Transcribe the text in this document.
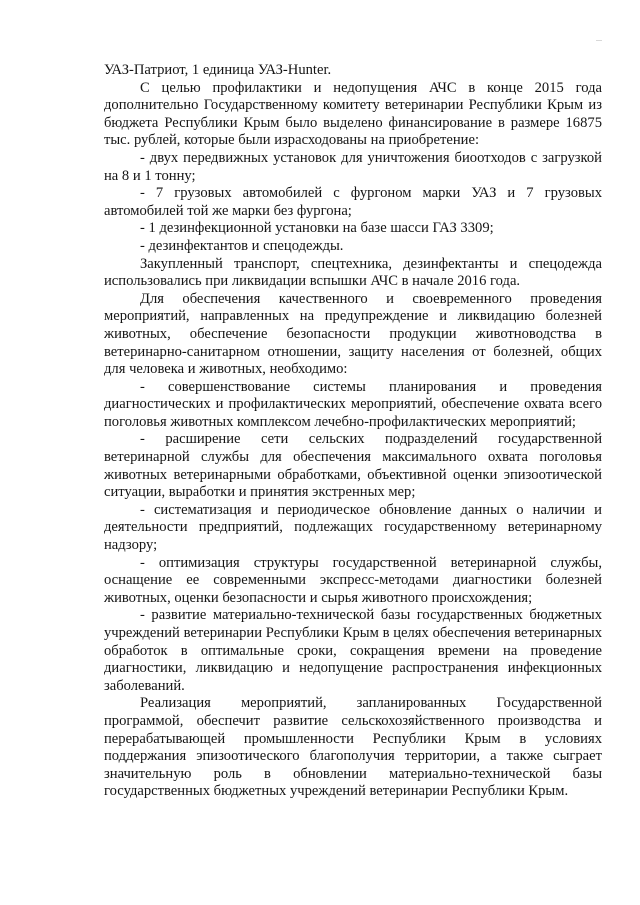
УАЗ-Патриот, 1 единица УАЗ-Hunter.

С целью профилактики и недопущения АЧС в конце 2015 года дополнительно Государственному комитету ветеринарии Республики Крым из бюджета Республики Крым было выделено финансирование в размере 16875 тыс. рублей, которые были израсходованы на приобретение:

- двух передвижных установок для уничтожения биоотходов с загрузкой на 8 и 1 тонну;

- 7 грузовых автомобилей с фургоном марки УАЗ и 7 грузовых автомобилей той же марки без фургона;

- 1 дезинфекционной установки на базе шасси ГАЗ 3309;

- дезинфектантов и спецодежды.

Закупленный транспорт, спецтехника, дезинфектанты и спецодежда использовались при ликвидации вспышки АЧС в начале 2016 года.

Для обеспечения качественного и своевременного проведения мероприятий, направленных на предупреждение и ликвидацию болезней животных, обеспечение безопасности продукции животноводства в ветеринарно-санитарном отношении, защиту населения от болезней, общих для человека и животных, необходимо:

- совершенствование системы планирования и проведения диагностических и профилактических мероприятий, обеспечение охвата всего поголовья животных комплексом лечебно-профилактических мероприятий;

- расширение сети сельских подразделений государственной ветеринарной службы для обеспечения максимального охвата поголовья животных ветеринарными обработками, объективной оценки эпизоотической ситуации, выработки и принятия экстренных мер;

- систематизация и периодическое обновление данных о наличии и деятельности предприятий, подлежащих государственному ветеринарному надзору;

- оптимизация структуры государственной ветеринарной службы, оснащение ее современными экспресс-методами диагностики болезней животных, оценки безопасности и сырья животного происхождения;

- развитие материально-технической базы государственных бюджетных учреждений ветеринарии Республики Крым в целях обеспечения ветеринарных обработок в оптимальные сроки, сокращения времени на проведение диагностики, ликвидацию и недопущение распространения инфекционных заболеваний.

Реализация мероприятий, запланированных Государственной программой, обеспечит развитие сельскохозяйственного производства и перерабатывающей промышленности Республики Крым в условиях поддержания эпизоотического благополучия территории, а также сыграет значительную роль в обновлении материально-технической базы государственных бюджетных учреждений ветеринарии Республики Крым.
